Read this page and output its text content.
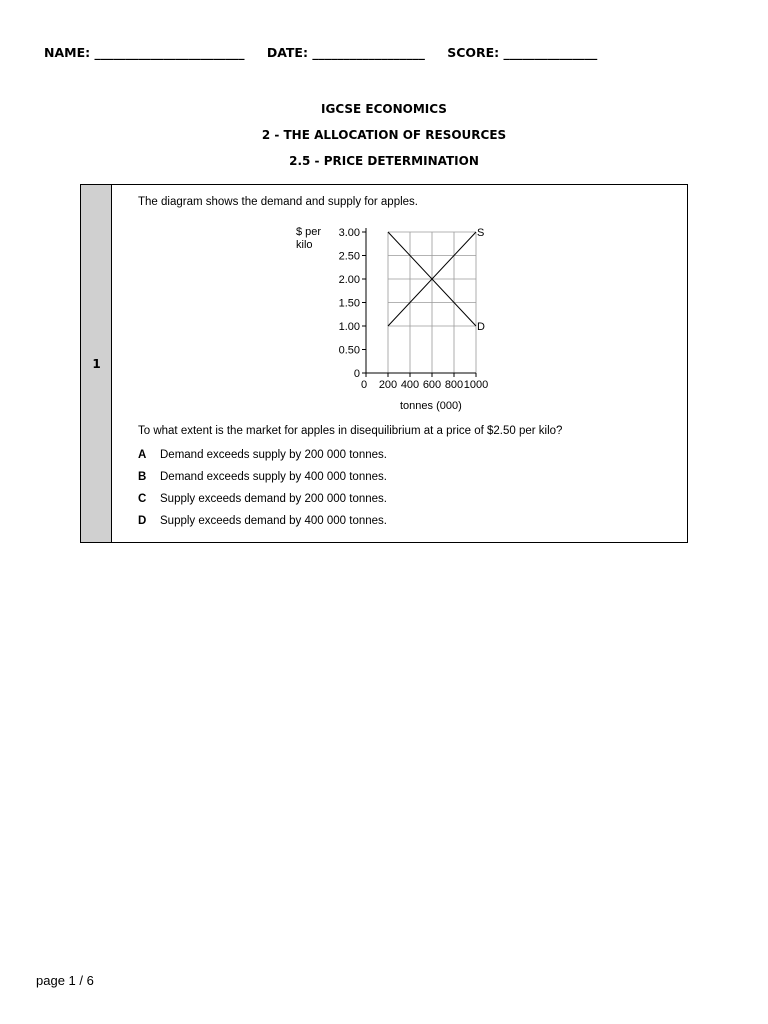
NAME: ________________________ DATE: __________________ SCORE: _______________
IGCSE ECONOMICS
2 - THE ALLOCATION OF RESOURCES
2.5 - PRICE DETERMINATION
1
The diagram shows the demand and supply for apples.
0
0.50
1.00
1.50
2.00
2.50
3.00
0 200 400 600 800 1000
S
D
$ per
kilo
tonnes (000)
To what extent is the market for apples in disequilibrium at a price of $2.50 per kilo?
A Demand exceeds supply by 200 000 tonnes.
B Demand exceeds supply by 400 000 tonnes.
C Supply exceeds demand by 200 000 tonnes.
D Supply exceeds demand by 400 000 tonnes.
page 1 / 6
